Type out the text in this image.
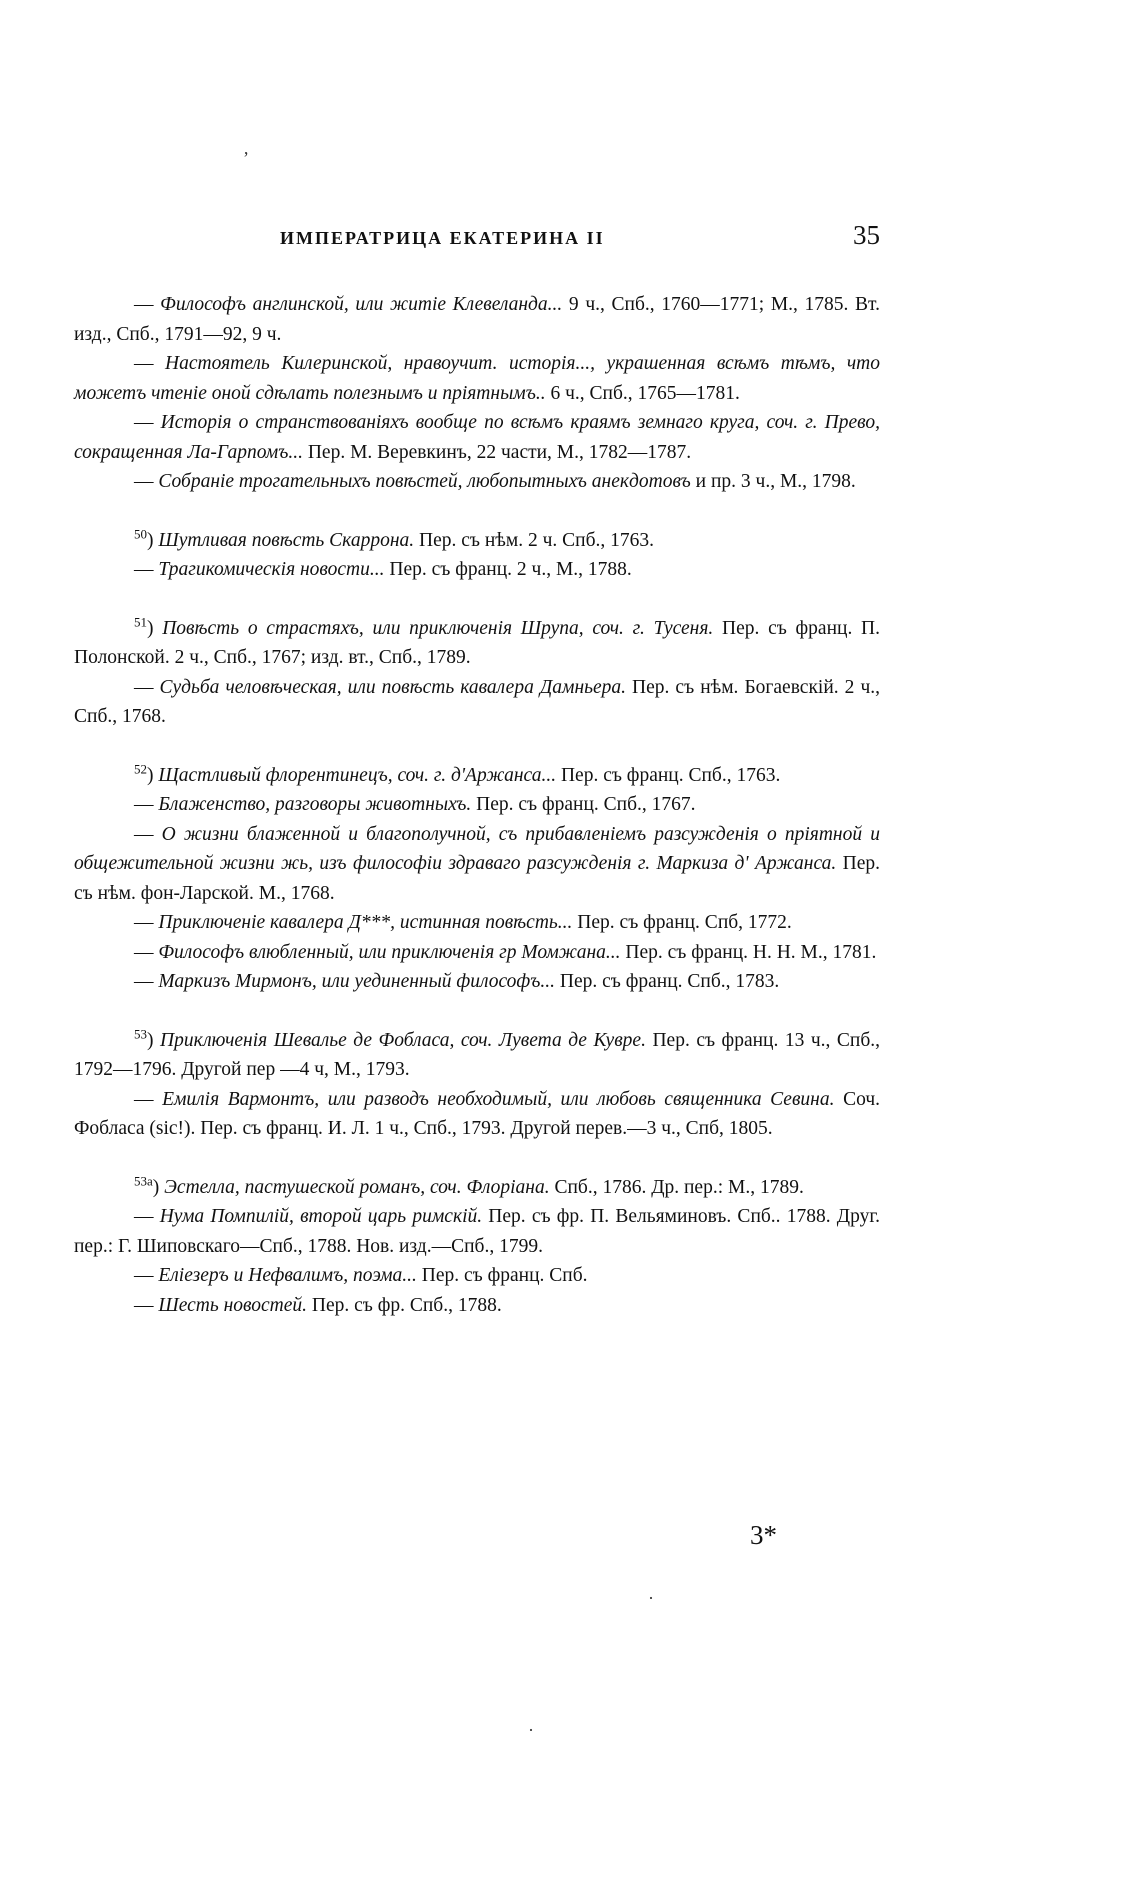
’
ИМПЕРАТРИЦА ЕКАТЕРИНА II	35

— Философъ англинской, или житіе Клевеланда... 9 ч., Спб., 1760—1771; М., 1785. Вт. изд., Спб., 1791—92, 9 ч.

— Настоятель Килеринской, нравоучит. исторія..., украшенная всѣмъ тѣмъ, что можетъ чтеніе оной сдѣлать полезнымъ и пріятнымъ.. 6 ч., Спб., 1765—1781.

— Исторія о странствованіяхъ вообще по всѣмъ краямъ земнаго круга, соч. г. Прево, сокращенная Ла-Гарпомъ... Пер. М. Веревкинъ, 22 части, М., 1782—1787.

— Собраніе трогательныхъ повѣстей, любопытныхъ анекдотовъ и пр. 3 ч., М., 1798.

$^{50}$) Шутливая повѣсть Скаррона. Пер. съ нѣм. 2 ч. Спб., 1763.

— Трагикомическія новости... Пер. съ франц. 2 ч., М., 1788.

$^{51}$) Повѣсть о страстяхъ, или приключенія Шрупа, соч. г. Тусеня. Пер. съ франц. П. Полонской. 2 ч., Спб., 1767; изд. вт., Спб., 1789.

— Судьба человѣческая, или повѣсть кавалера Дамньера. Пер. съ нѣм. Богаевскій. 2 ч., Спб., 1768.

$^{52}$) Щастливый флорентинецъ, соч. г. д'Аржанса... Пер. съ франц. Спб., 1763.

— Блаженство, разговоры животныхъ. Пер. съ франц. Спб., 1767.

— О жизни блаженной и благополучной, съ прибавленіемъ разсужденія о пріятной и общежительной жизни жь, изъ философіи здраваго разсужденія г. Маркиза д' Аржанса. Пер. съ нѣм. фон-Ларской. М., 1768.

— Приключеніе кавалера Д***, истинная повѣсть... Пер. съ франц. Спб, 1772.

— Философъ влюбленный, или приключенія гр Момжана... Пер. съ франц. Н. Н. М., 1781.

— Маркизъ Мирмонъ, или уединенный философъ... Пер. съ франц. Спб., 1783.

$^{53}$) Приключенія Шевалье де Фобласа, соч. Лувета де Кувре. Пер. съ франц. 13 ч., Спб., 1792—1796. Другой пер —4 ч, М., 1793.

— Емилія Вармонтъ, или разводъ необходимый, или любовь священника Севина. Соч. Фобласа (sic!). Пер. съ франц. И. Л. 1 ч., Спб., 1793. Другой перев.—3 ч., Спб, 1805.

$^{53a}$) Эстелла, пастушеской романъ, соч. Флоріана. Спб., 1786. Др. пер.: М., 1789.

— Нума Помпилій, второй царь римскій. Пер. съ фр. П. Вельяминовъ. Спб.. 1788. Друг. пер.: Г. Шиповскаго—Спб., 1788. Нов. изд.—Спб., 1799.

— Елiезеръ и Нефвалимъ, поэма... Пер. съ франц. Спб.

— Шесть новостей. Пер. съ фр. Спб., 1788.

3*
·
·
